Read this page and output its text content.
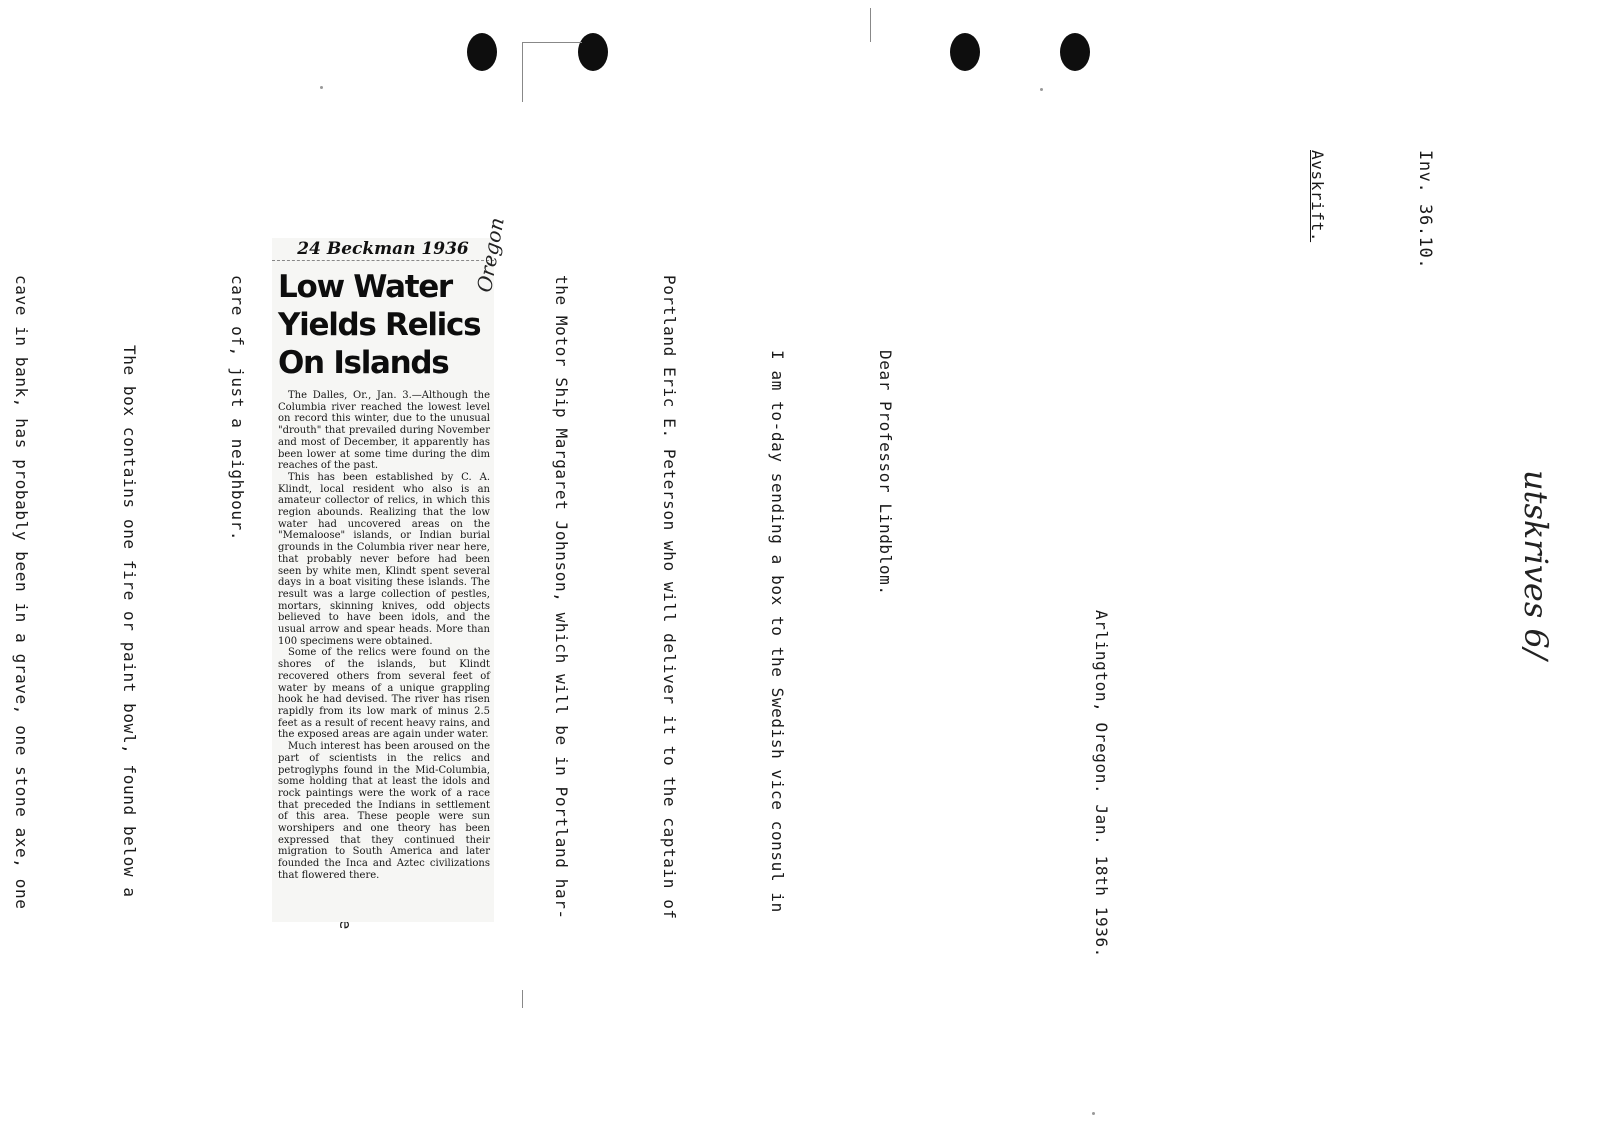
Inv. 36.10.

Avskrift.

Arlington, Oregon. Jan. 18th 1936.

Dear Professor Lindblom.

I am to-day sending a box to the Swedish vice consul in

Portland Eric E. Peterson who will deliver it to the captain of

the Motor Ship Margaret Johnson, which will be in Portland har-

care of, just a neighbour.

The box contains one fire or paint bowl, found below a

cave in bank, has probably been in a grave, one stone axe, one

	utskrives 6/
24 Beckman 1936
Low Water
Yields Relics
On Islands
Oregon

The Dalles, Or., Jan. 3.—Although the Columbia river reached the lowest level on record this winter, due to the unusual "drouth" that prevailed during November and most of December, it apparently has been lower at some time during the dim reaches of the past.

This has been established by C. A. Klindt, local resident who also is an amateur collector of relics, in which this region abounds. Realizing that the low water had uncovered areas on the "Memaloose" islands, or Indian burial grounds in the Columbia river near here, that probably never before had been seen by white men, Klindt spent several days in a boat visiting these islands. The result was a large collection of pestles, mortars, skinning knives, odd objects believed to have been idols, and the usual arrow and spear heads. More than 100 specimens were obtained.

Some of the relics were found on the shores of the islands, but Klindt recovered others from several feet of water by means of a unique grappling hook he had devised. The river has risen rapidly from its low mark of minus 2.5 feet as a result of recent heavy rains, and the exposed areas are again under water.

Much interest has been aroused on the part of scientists in the relics and petroglyphs found in the Mid-Columbia, some holding that at least the idols and rock paintings were the work of a race that preceded the Indians in settlement of this area. These people were sun worshipers and one theory has been expressed that they continued their migration to South America and later founded the Inca and Aztec civilizations that flowered there.
